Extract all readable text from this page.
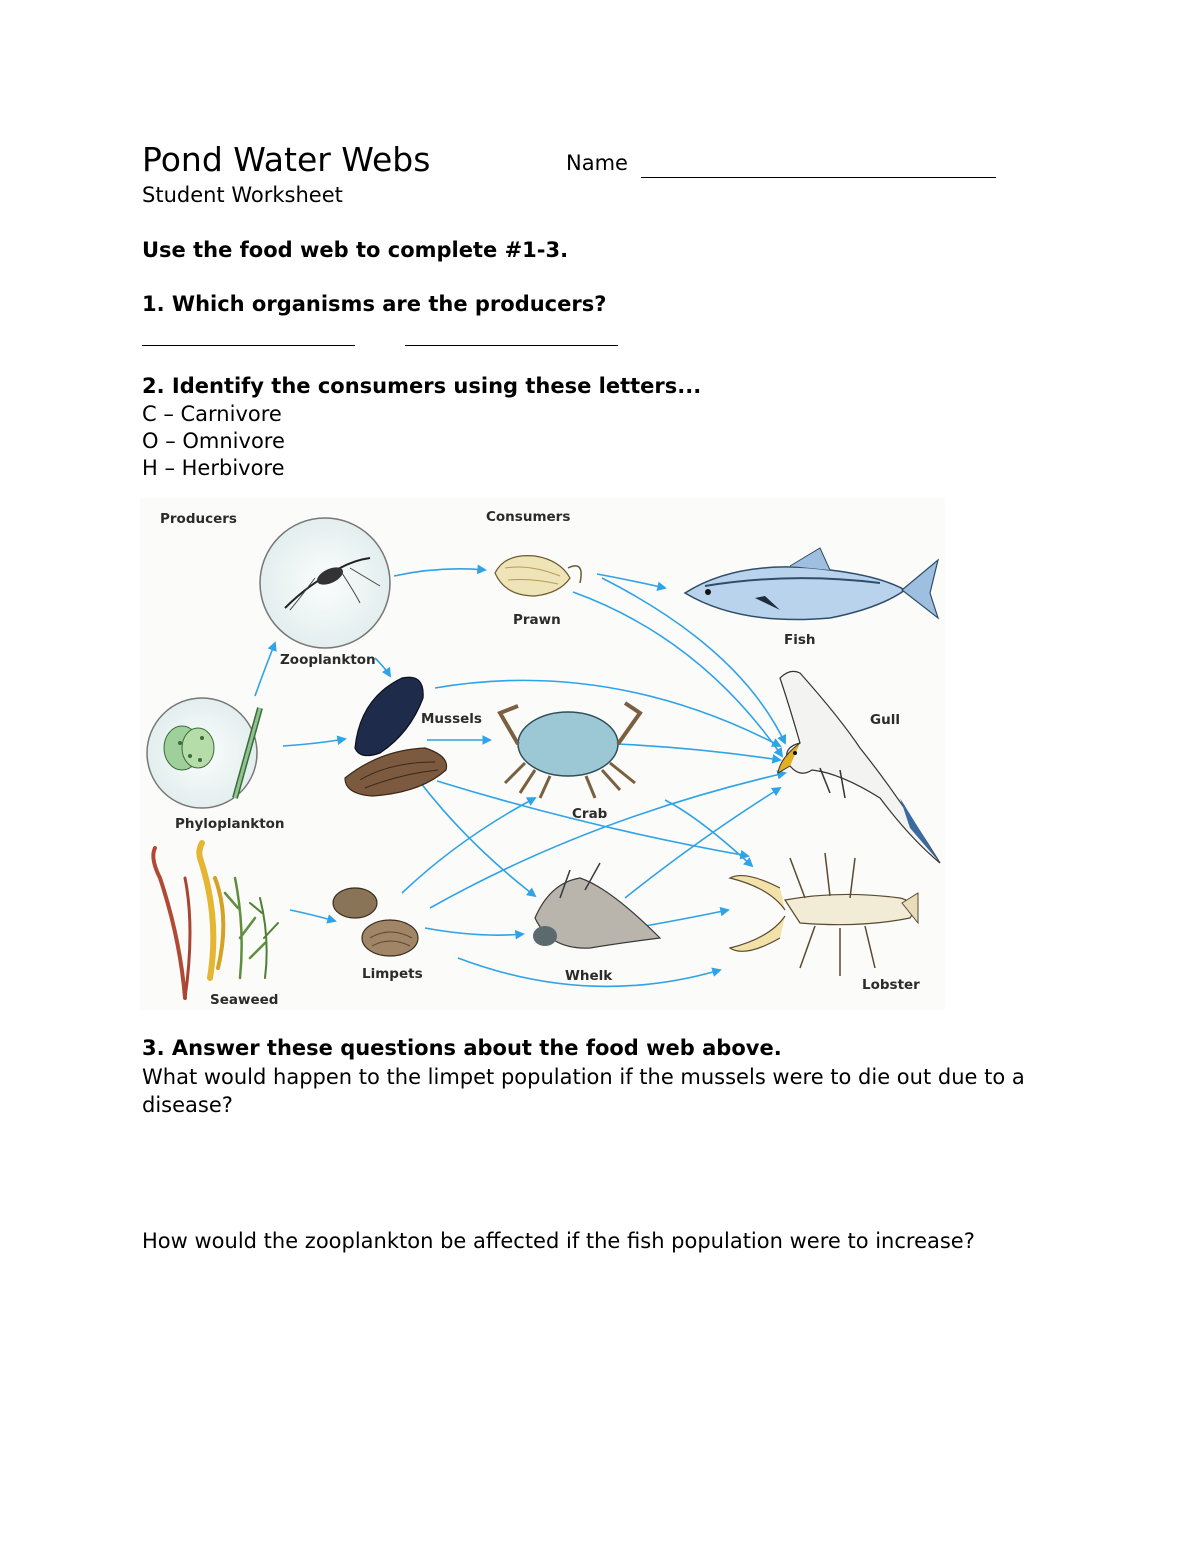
Pond Water Webs	Name
Student Worksheet
Use the food web to complete #1-3.
1. Which organisms are the producers?
2. Identify the consumers using these letters...
C – Carnivore
O – Omnivore
H – Herbivore
Producers	Consumers
Zooplankton
Phyloplankton
Seaweed
Prawn
Fish
Mussels
Crab
Gull
Limpets	Whelk
Lobster
3. Answer these questions about the food web above.
What would happen to the limpet population if the mussels were to die out due to a disease?
How would the zooplankton be affected if the fish population were to increase?
